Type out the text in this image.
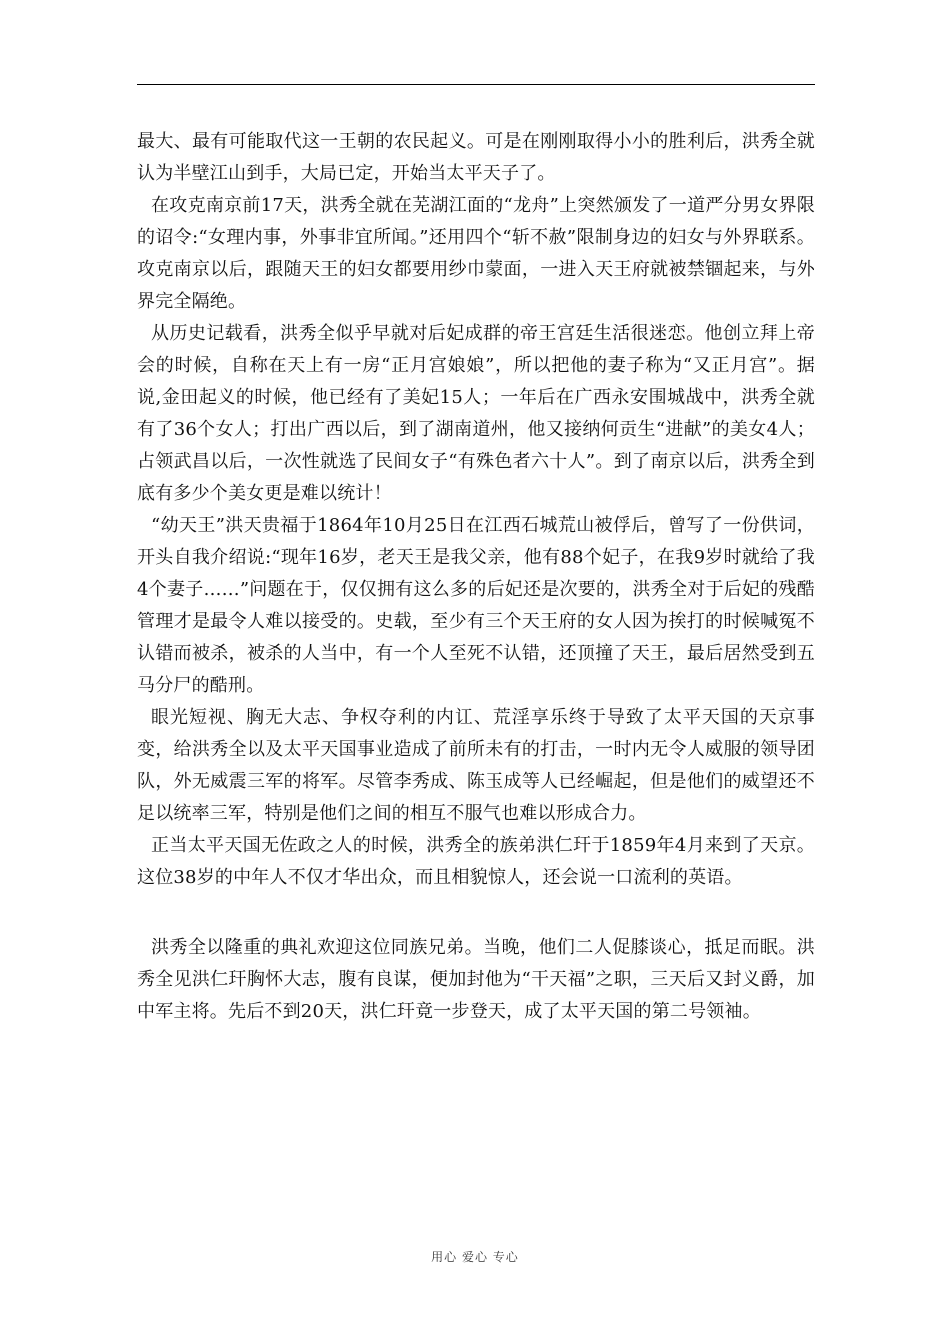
最大、最有可能取代这一王朝的农民起义。可是在刚刚取得小小的胜利后，洪秀全就认为半壁江山到手，大局已定，开始当太平天子了。

在攻克南京前17天，洪秀全就在芜湖江面的“龙舟”上突然颁发了一道严分男女界限的诏令:“女理内事，外事非宜所闻。”还用四个“斩不赦”限制身边的妇女与外界联系。攻克南京以后，跟随天王的妇女都要用纱巾蒙面，一进入天王府就被禁锢起来，与外界完全隔绝。

从历史记载看，洪秀全似乎早就对后妃成群的帝王宫廷生活很迷恋。他创立拜上帝会的时候，自称在天上有一房“正月宫娘娘”，所以把他的妻子称为“又正月宫”。据说,金田起义的时候，他已经有了美妃15人；一年后在广西永安围城战中，洪秀全就有了36个女人；打出广西以后，到了湖南道州，他又接纳何贡生“进献”的美女4人；占领武昌以后，一次性就选了民间女子“有殊色者六十人”。到了南京以后，洪秀全到底有多少个美女更是难以统计！

“幼天王”洪天贵福于1864年10月25日在江西石城荒山被俘后，曾写了一份供词，开头自我介绍说:“现年16岁，老天王是我父亲，他有88个妃子，在我9岁时就给了我4个妻子……”问题在于，仅仅拥有这么多的后妃还是次要的，洪秀全对于后妃的残酷管理才是最令人难以接受的。史载，至少有三个天王府的女人因为挨打的时候喊冤不认错而被杀，被杀的人当中，有一个人至死不认错，还顶撞了天王，最后居然受到五马分尸的酷刑。

眼光短视、胸无大志、争权夺利的内讧、荒淫享乐终于导致了太平天国的天京事变，给洪秀全以及太平天国事业造成了前所未有的打击，一时内无令人威服的领导团队，外无威震三军的将军。尽管李秀成、陈玉成等人已经崛起，但是他们的威望还不足以统率三军，特别是他们之间的相互不服气也难以形成合力。

正当太平天国无佐政之人的时候，洪秀全的族弟洪仁玕于1859年4月来到了天京。这位38岁的中年人不仅才华出众，而且相貌惊人，还会说一口流利的英语。

洪秀全以隆重的典礼欢迎这位同族兄弟。当晚，他们二人促膝谈心，抵足而眠。洪秀全见洪仁玕胸怀大志，腹有良谋，便加封他为“干天福”之职，三天后又封义爵，加中军主将。先后不到20天，洪仁玕竟一步登天，成了太平天国的第二号领袖。

用心 爱心 专心
